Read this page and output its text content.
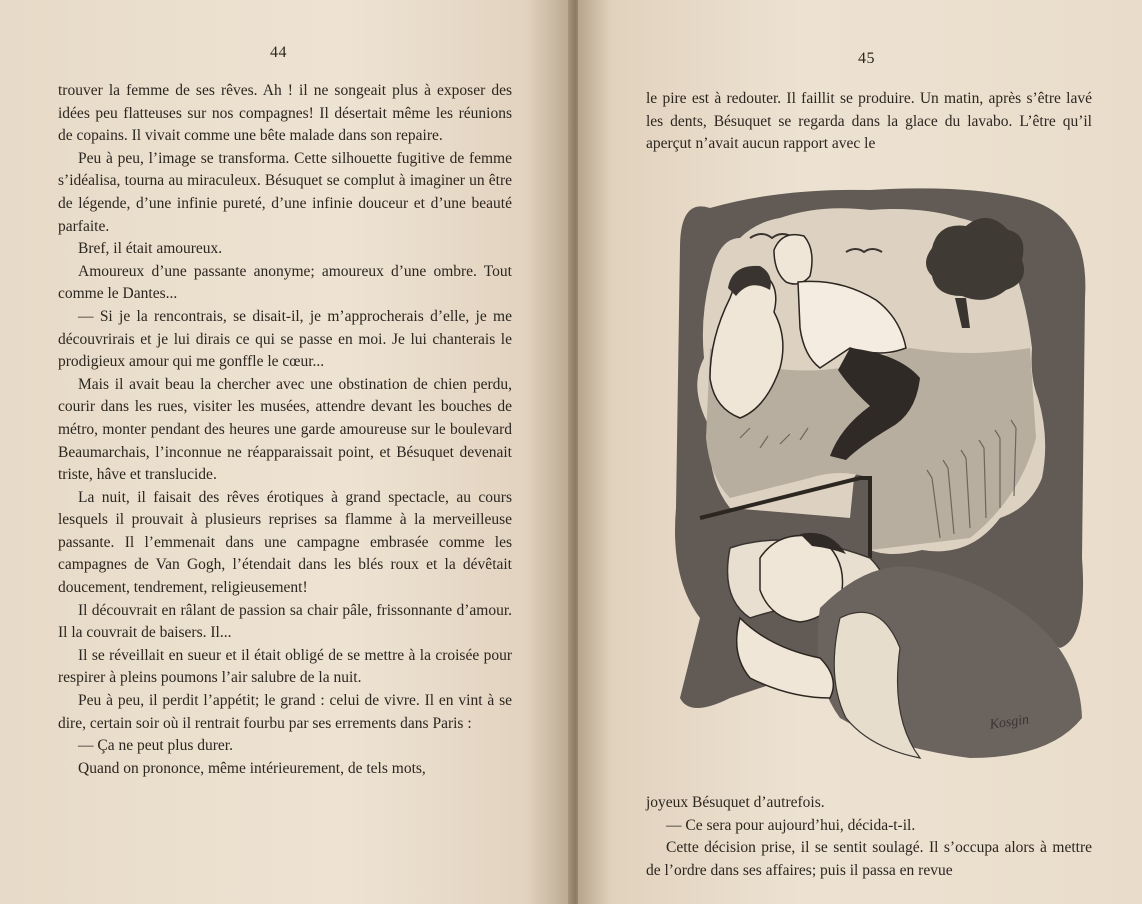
44

trouver la femme de ses rêves. Ah ! il ne songeait plus à exposer des idées peu flatteuses sur nos compagnes! Il désertait même les réunions de copains. Il vivait comme une bête malade dans son repaire.

Peu à peu, l’image se transforma. Cette silhouette fugitive de femme s’idéalisa, tourna au miraculeux. Bésuquet se complut à imaginer un être de légende, d’une infinie pureté, d’une infinie douceur et d’une beauté parfaite.

Bref, il était amoureux.

Amoureux d’une passante anonyme; amoureux d’une ombre. Tout comme le Dantes...

— Si je la rencontrais, se disait-il, je m’approcherais d’elle, je me découvrirais et je lui dirais ce qui se passe en moi. Je lui chanterais le prodigieux amour qui me gonffle le cœur...

Mais il avait beau la chercher avec une obstination de chien perdu, courir dans les rues, visiter les musées, attendre devant les bouches de métro, monter pendant des heures une garde amoureuse sur le boulevard Beaumarchais, l’inconnue ne réapparaissait point, et Bésuquet devenait triste, hâve et translucide.

La nuit, il faisait des rêves érotiques à grand spectacle, au cours lesquels il prouvait à plusieurs reprises sa flamme à la merveilleuse passante. Il l’emmenait dans une campagne embrasée comme les campagnes de Van Gogh, l’étendait dans les blés roux et la dévêtait doucement, tendrement, religieusement!

Il découvrait en râlant de passion sa chair pâle, frissonnante d’amour. Il la couvrait de baisers. Il...

Il se réveillait en sueur et il était obligé de se mettre à la croisée pour respirer à pleins poumons l’air salubre de la nuit.

Peu à peu, il perdit l’appétit; le grand : celui de vivre. Il en vint à se dire, certain soir où il rentrait fourbu par ses errements dans Paris :

— Ça ne peut plus durer.

Quand on prononce, même intérieurement, de tels mots,

45

le pire est à redouter. Il faillit se produire. Un matin, après s’être lavé les dents, Bésuquet se regarda dans la glace du lavabo. L’être qu’il aperçut n’avait aucun rapport avec le

Kosgin

joyeux Bésuquet d’autrefois.

— Ce sera pour aujourd’hui, décida-t-il.

Cette décision prise, il se sentit soulagé. Il s’occupa alors à mettre de l’ordre dans ses affaires; puis il passa en revue
